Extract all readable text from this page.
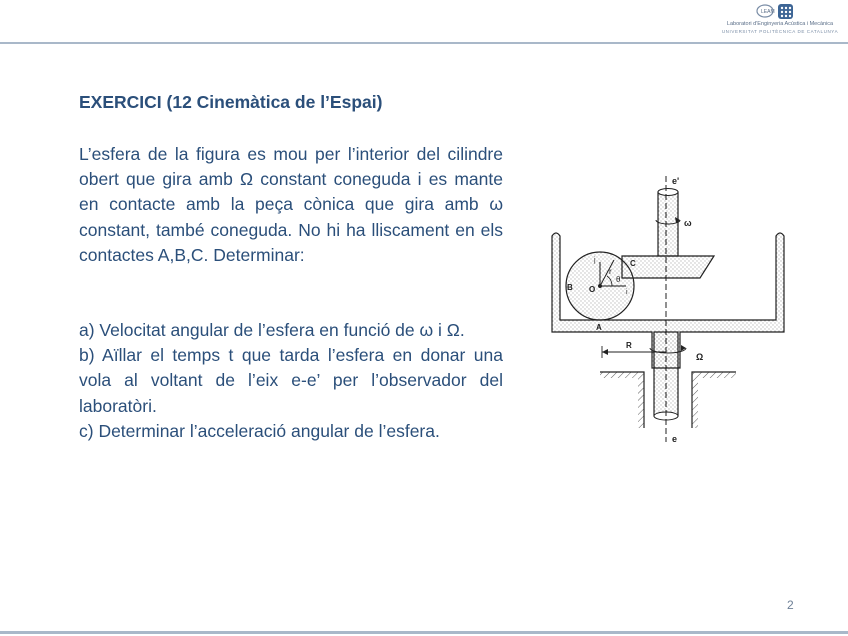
LEAM
Laboratori d'Enginyeria Acústica i Mecànica
UNIVERSITAT POLITÈCNICA DE CATALUNYA
EXERCICI (12 Cinemàtica de l’Espai)

L’esfera de la figura es mou per l’interior del cilindre obert que gira amb Ω constant coneguda i es mante en contacte amb la peça cònica que gira amb ω constant, també coneguda. No hi ha lliscament en els contactes A,B,C. Determinar:

a) Velocitat angular de l’esfera en funció de ω i Ω.

b) Aïllar el temps t que tarda l’esfera en donar una vola al voltant de l’eix e-e’ per l’observador del laboratòri.

c) Determinar l’acceleració angular de l’esfera.

e'
e
ω
Ω
A
B
C
O
r
R
θ
i
j
2
